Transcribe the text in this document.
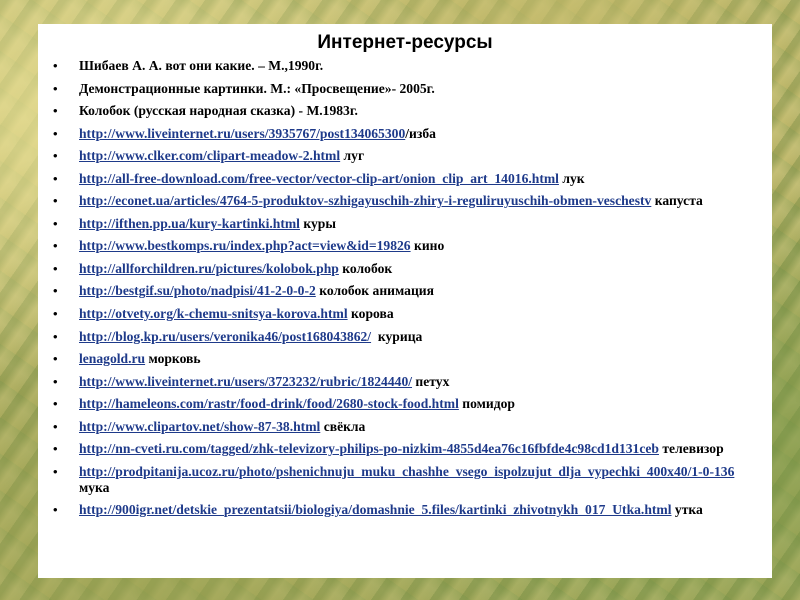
Интернет-ресурсы
• Шибаев А. А. вот они какие. – М.,1990г.
• Демонстрационные картинки. М.: «Просвещение»- 2005г.
• Колобок (русская народная сказка) - М.1983г.
• http://www.liveinternet.ru/users/3935767/post134065300/изба
• http://www.clker.com/clipart-meadow-2.html луг
• http://all-free-download.com/free-vector/vector-clip-art/onion_clip_art_14016.html лук
• http://econet.ua/articles/4764-5-produktov-szhigayuschih-zhiry-i-reguliruyuschih-obmen-veschestv капуста
• http://ifthen.pp.ua/kury-kartinki.html куры
• http://www.bestkomps.ru/index.php?act=view&id=19826 кино
• http://allforchildren.ru/pictures/kolobok.php колобок
• http://bestgif.su/photo/nadpisi/41-2-0-0-2 колобок анимация
• http://otvety.org/k-chemu-snitsya-korova.html корова
• http://blog.kp.ru/users/veronika46/post168043862/  курица
• lenagold.ru морковь
• http://www.liveinternet.ru/users/3723232/rubric/1824440/ петух
• http://hameleons.com/rastr/food-drink/food/2680-stock-food.html помидор
• http://www.clipartov.net/show-87-38.html свёкла
• http://nn-cveti.ru.com/tagged/zhk-televizory-philips-po-nizkim-4855d4ea76c16fbfde4c98cd1d131ceb телевизор
• http://prodpitanija.ucoz.ru/photo/pshenichnuju_muku_chashhe_vsego_ispolzujut_dlja_vypechki_400x40/1-0-136 мука
• http://900igr.net/detskie_prezentatsii/biologiya/domashnie_5.files/kartinki_zhivotnykh_017_Utka.html утка
